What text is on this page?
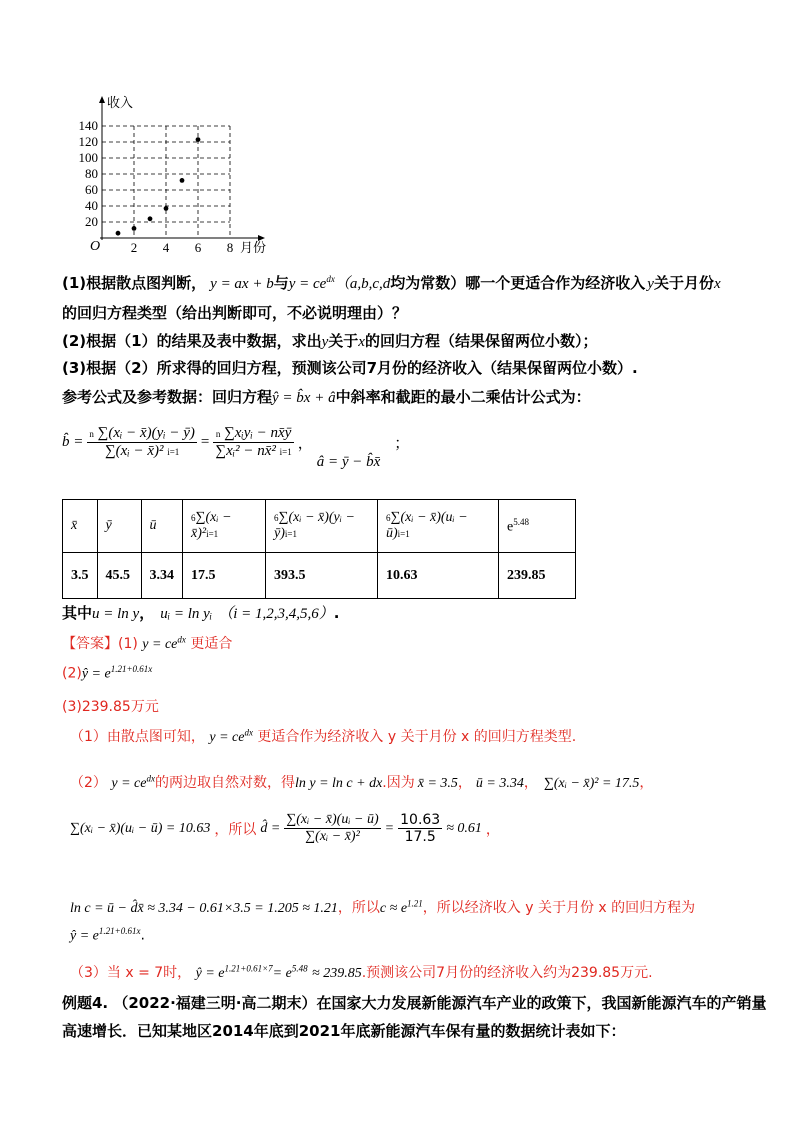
收入
月份
O
140
120
100
80
60
40
20
2 4 6 8
(1)根据散点图判断， y = ax + b与$y = ce^{dx}(a,b,c,d$均为常数）哪一个更适合作为经济收入 y关于月份x
的回归方程类型（给出判断即可，不必说明理由）？
(2)根据（1）的结果及表中数据，求出y关于x的回归方程（结果保留两位小数）；
(3)根据（2）所求得的回归方程，预测该公司7月份的经济收入（结果保留两位小数）.
参考公式及参考数据：回归方程ŷ = b̂x + â中斜率和截距的最小二乘估计公式为：
b̂ = $\frac{\text{n ∑(xᵢ − x̄)(yᵢ − ȳ)}}{\text{∑(xᵢ − x̄)² i=1}} = \frac{\text{n ∑xᵢyᵢ − nx̄ȳ}}{\text{∑xᵢ² − nx̄² i=1}}$ ，
â = ȳ − b̂x̄
；
x̄	ȳ	ū	6∑(xᵢ − x̄)²i=1	6∑(xᵢ − x̄)(yᵢ − ȳ)i=1	6∑(xᵢ − x̄)(uᵢ − ū)i=1	$e^{5.48}$
3.5	45.5	3.34	17.5	393.5	10.63	239.85
其中u = ln y， uᵢ = ln yᵢ （i = 1,2,3,4,5,6）.
【答案】(1) $y = ce^{dx}$ 更适合
(2)ŷ = $e^{1.21+0.61x}$
(3)239.85万元
（1）由散点图可知， $y = ce^{dx}$ 更适合作为经济收入 y 关于月份 x 的回归方程类型.
（2） $y = ce^{dx}$的两边取自然对数，得ln y = ln c + dx.因为 x̄ = 3.5， ū = 3.34， ∑(xᵢ − x̄)² = 17.5，
∑(xᵢ − x̄)(uᵢ − ū) = 10.63 ，所以 d̂ = $\frac{\text{∑(xᵢ − x̄)(uᵢ − ū)}}{\text{∑(xᵢ − x̄)²}} = \frac{10.63}{17.5} \approx 0.61$ ，
ln c = ū − d̂x̄ ≈ 3.34 − 0.61×3.5 = 1.205 ≈ 1.21，所以$c \approx e^{1.21}$，所以经济收入 y 关于月份 x 的回归方程为
ŷ = $e^{1.21+0.61x}$.
（3）当 x = 7时， ŷ = $e^{1.21+0.61\times 7}= e^{5.48} \approx 239.85$.预测该公司7月份的经济收入约为239.85万元.
例题4. （2022·福建三明·高二期末）在国家大力发展新能源汽车产业的政策下，我国新能源汽车的产销量
高速增长．已知某地区2014年底到2021年底新能源汽车保有量的数据统计表如下：
